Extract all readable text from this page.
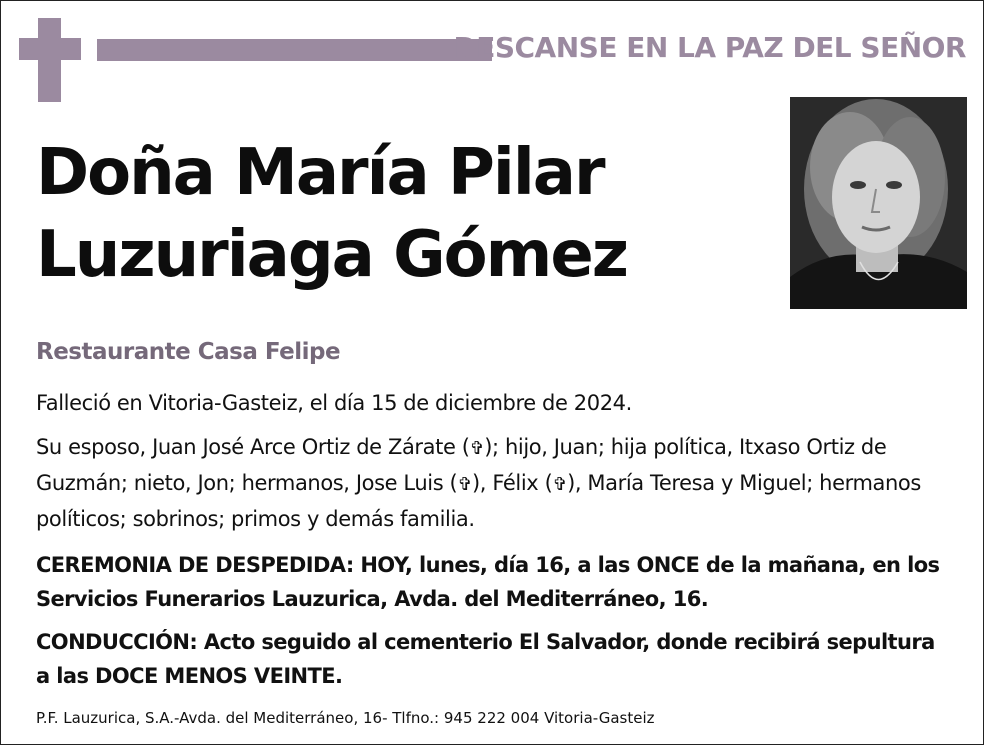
DESCANSE EN LA PAZ DEL SEÑOR
Doña María Pilar
Luzuriaga Gómez
Restaurante Casa Felipe
Falleció en Vitoria-Gasteiz, el día 15 de diciembre de 2024.
Su esposo, Juan José Arce Ortiz de Zárate (✞); hijo, Juan; hija política, Itxaso Ortiz de Guzmán; nieto, Jon; hermanos, Jose Luis (✞), Félix (✞), María Teresa y Miguel; hermanos políticos; sobrinos; primos y demás familia.
CEREMONIA DE DESPEDIDA: HOY, lunes, día 16, a las ONCE de la mañana, en los Servicios Funerarios Lauzurica, Avda. del Mediterráneo, 16.
CONDUCCIÓN: Acto seguido al cementerio El Salvador, donde recibirá sepultura a las DOCE MENOS VEINTE.
P.F. Lauzurica, S.A.-Avda. del Mediterráneo, 16- Tlfno.: 945 222 004 Vitoria-Gasteiz
